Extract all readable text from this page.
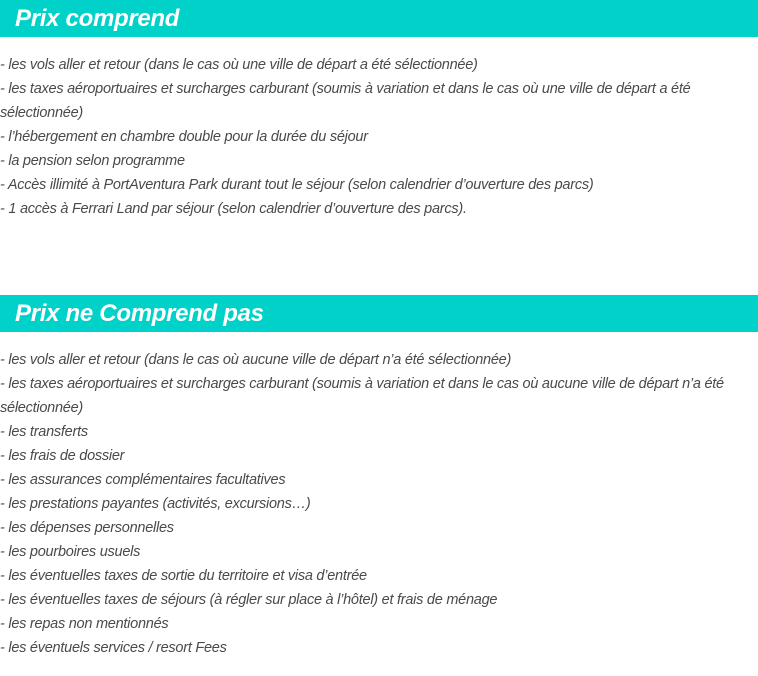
Prix comprend
- les vols aller et retour (dans le cas où une ville de départ a été sélectionnée)
- les taxes aéroportuaires et surcharges carburant (soumis à variation et dans le cas où une ville de départ a été sélectionnée)
- l’hébergement en chambre double pour la durée du séjour
- la pension selon programme
- Accès illimité à PortAventura Park durant tout le séjour (selon calendrier d’ouverture des parcs)
- 1 accès à Ferrari Land par séjour (selon calendrier d’ouverture des parcs).
Prix ne Comprend pas
- les vols aller et retour (dans le cas où aucune ville de départ n’a été sélectionnée)
- les taxes aéroportuaires et surcharges carburant (soumis à variation et dans le cas où aucune ville de départ n’a été sélectionnée)
- les transferts
- les frais de dossier
- les assurances complémentaires facultatives
- les prestations payantes (activités, excursions…)
- les dépenses personnelles
- les pourboires usuels
- les éventuelles taxes de sortie du territoire et visa d’entrée
- les éventuelles taxes de séjours (à régler sur place à l’hôtel) et frais de ménage
- les repas non mentionnés
- les éventuels services / resort Fees
